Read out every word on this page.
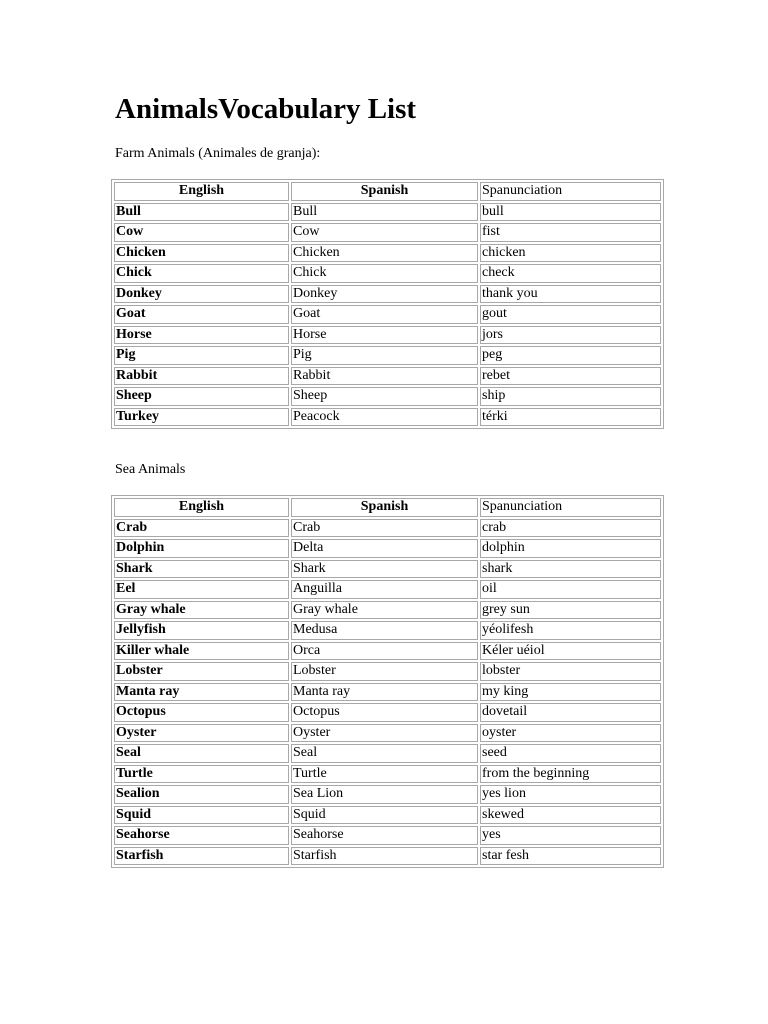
AnimalsVocabulary List

Farm Animals (Animales de granja):

English	Spanish	Spanunciation
Bull	Bull	bull
Cow	Cow	fist
Chicken	Chicken	chicken
Chick	Chick	check
Donkey	Donkey	thank you
Goat	Goat	gout
Horse	Horse	jors
Pig	Pig	peg
Rabbit	Rabbit	rebet
Sheep	Sheep	ship
Turkey	Peacock	térki

Sea Animals

English	Spanish	Spanunciation
Crab	Crab	crab
Dolphin	Delta	dolphin
Shark	Shark	shark
Eel	Anguilla	oil
Gray whale	Gray whale	grey sun
Jellyfish	Medusa	yéolifesh
Killer whale	Orca	Kéler uéiol
Lobster	Lobster	lobster
Manta ray	Manta ray	my king
Octopus	Octopus	dovetail
Oyster	Oyster	oyster
Seal	Seal	seed
Turtle	Turtle	from the beginning
Sealion	Sea Lion	yes lion
Squid	Squid	skewed
Seahorse	Seahorse	yes
Starfish	Starfish	star fesh
